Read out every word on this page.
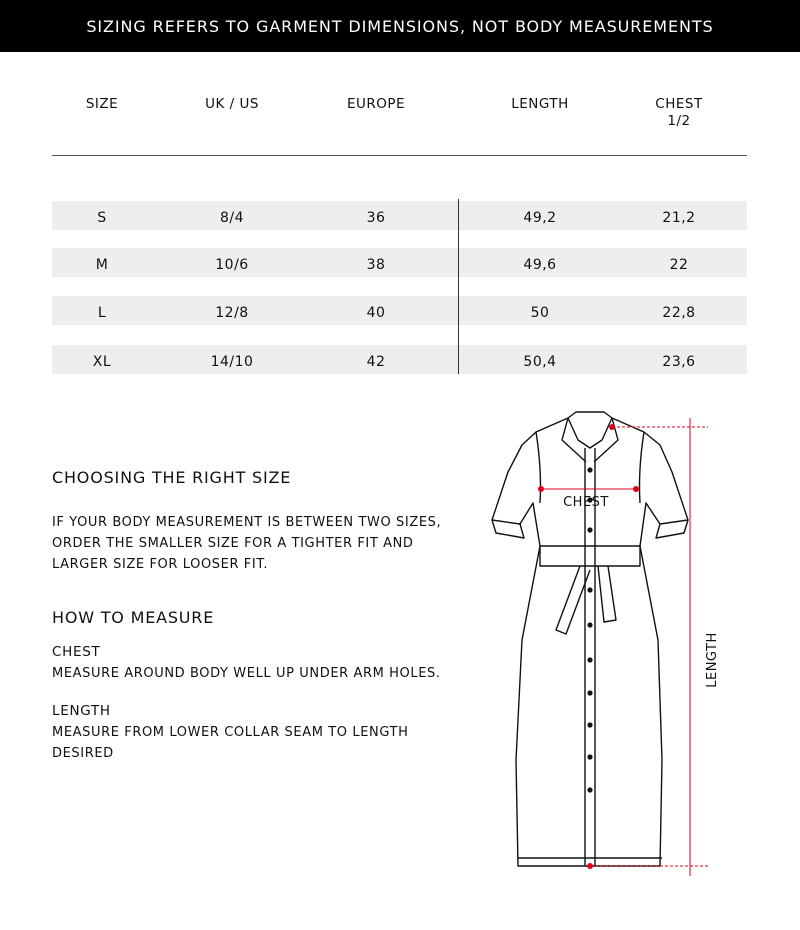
SIZING REFERS TO GARMENT DIMENSIONS, NOT BODY MEASUREMENTS
SIZE	UK / US	EUROPE	LENGTH	CHEST
1/2
S	8/4	36	49,2	21,2
M	10/6	38	49,6	22
L	12/8	40	50	22,8
XL	14/10	42	50,4	23,6
CHOOSING THE RIGHT SIZE
IF YOUR BODY MEASUREMENT IS BETWEEN TWO SIZES,
ORDER THE SMALLER SIZE FOR A TIGHTER FIT AND
LARGER SIZE FOR LOOSER FIT.
HOW TO MEASURE
CHEST
MEASURE AROUND BODY WELL UP UNDER ARM HOLES.
LENGTH
MEASURE FROM LOWER COLLAR SEAM TO LENGTH
DESIRED
CHEST
LENGTH
